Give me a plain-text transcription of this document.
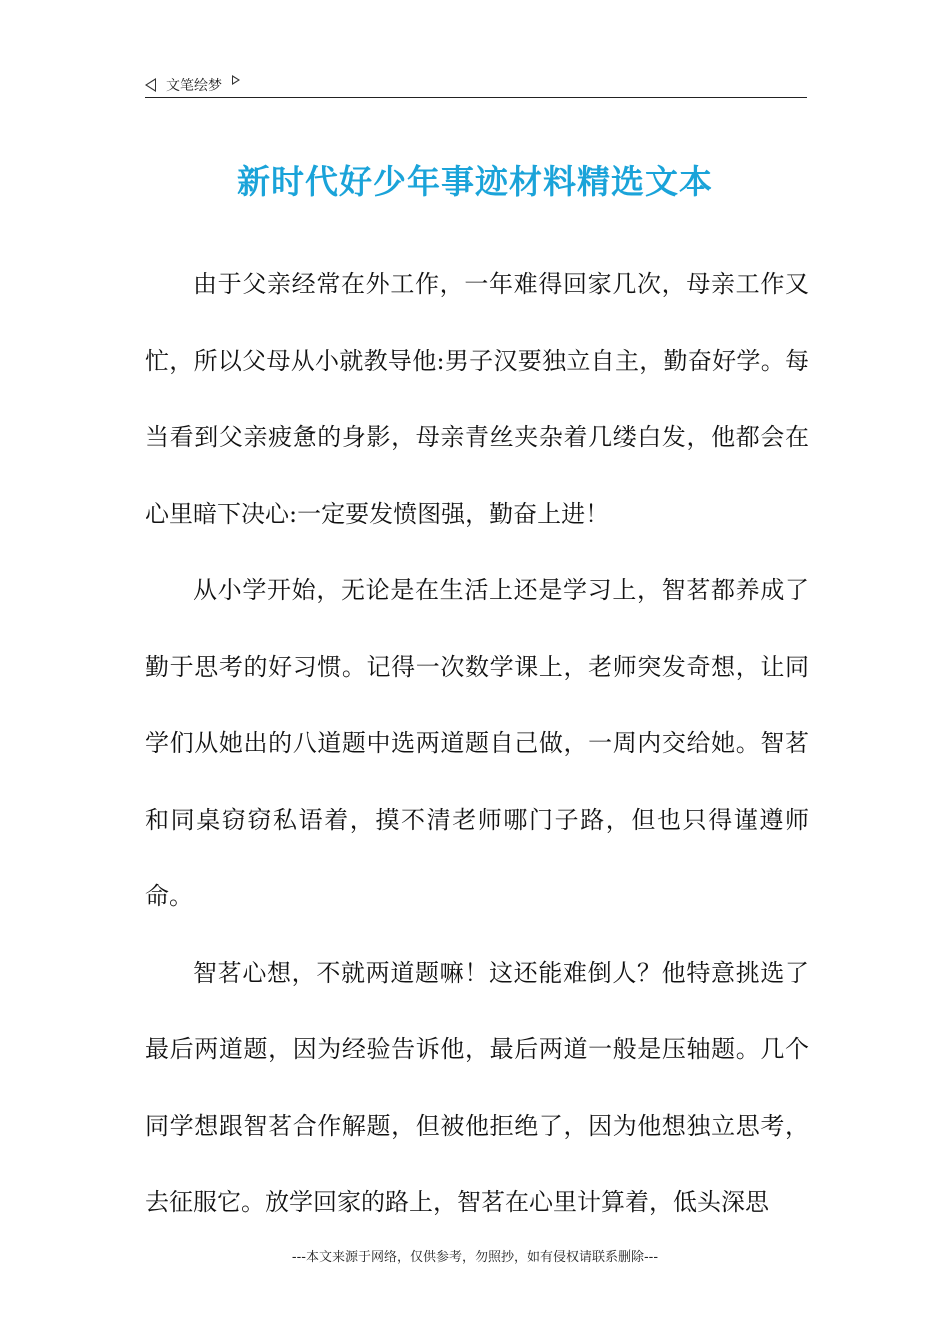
文笔绘梦
新时代好少年事迹材料精选文本

由于父亲经常在外工作，一年难得回家几次，母亲工作又忙，所以父母从小就教导他:男子汉要独立自主，勤奋好学。每当看到父亲疲惫的身影，母亲青丝夹杂着几缕白发，他都会在心里暗下决心:一定要发愤图强，勤奋上进！

从小学开始，无论是在生活上还是学习上，智茗都养成了勤于思考的好习惯。记得一次数学课上，老师突发奇想，让同学们从她出的八道题中选两道题自己做，一周内交给她。智茗和同桌窃窃私语着，摸不清老师哪门子路，但也只得谨遵师命。

智茗心想，不就两道题嘛！这还能难倒人？他特意挑选了最后两道题，因为经验告诉他，最后两道一般是压轴题。几个同学想跟智茗合作解题，但被他拒绝了，因为他想独立思考，去征服它。放学回家的路上，智茗在心里计算着，低头深思

---本文来源于网络，仅供参考，勿照抄，如有侵权请联系删除---
